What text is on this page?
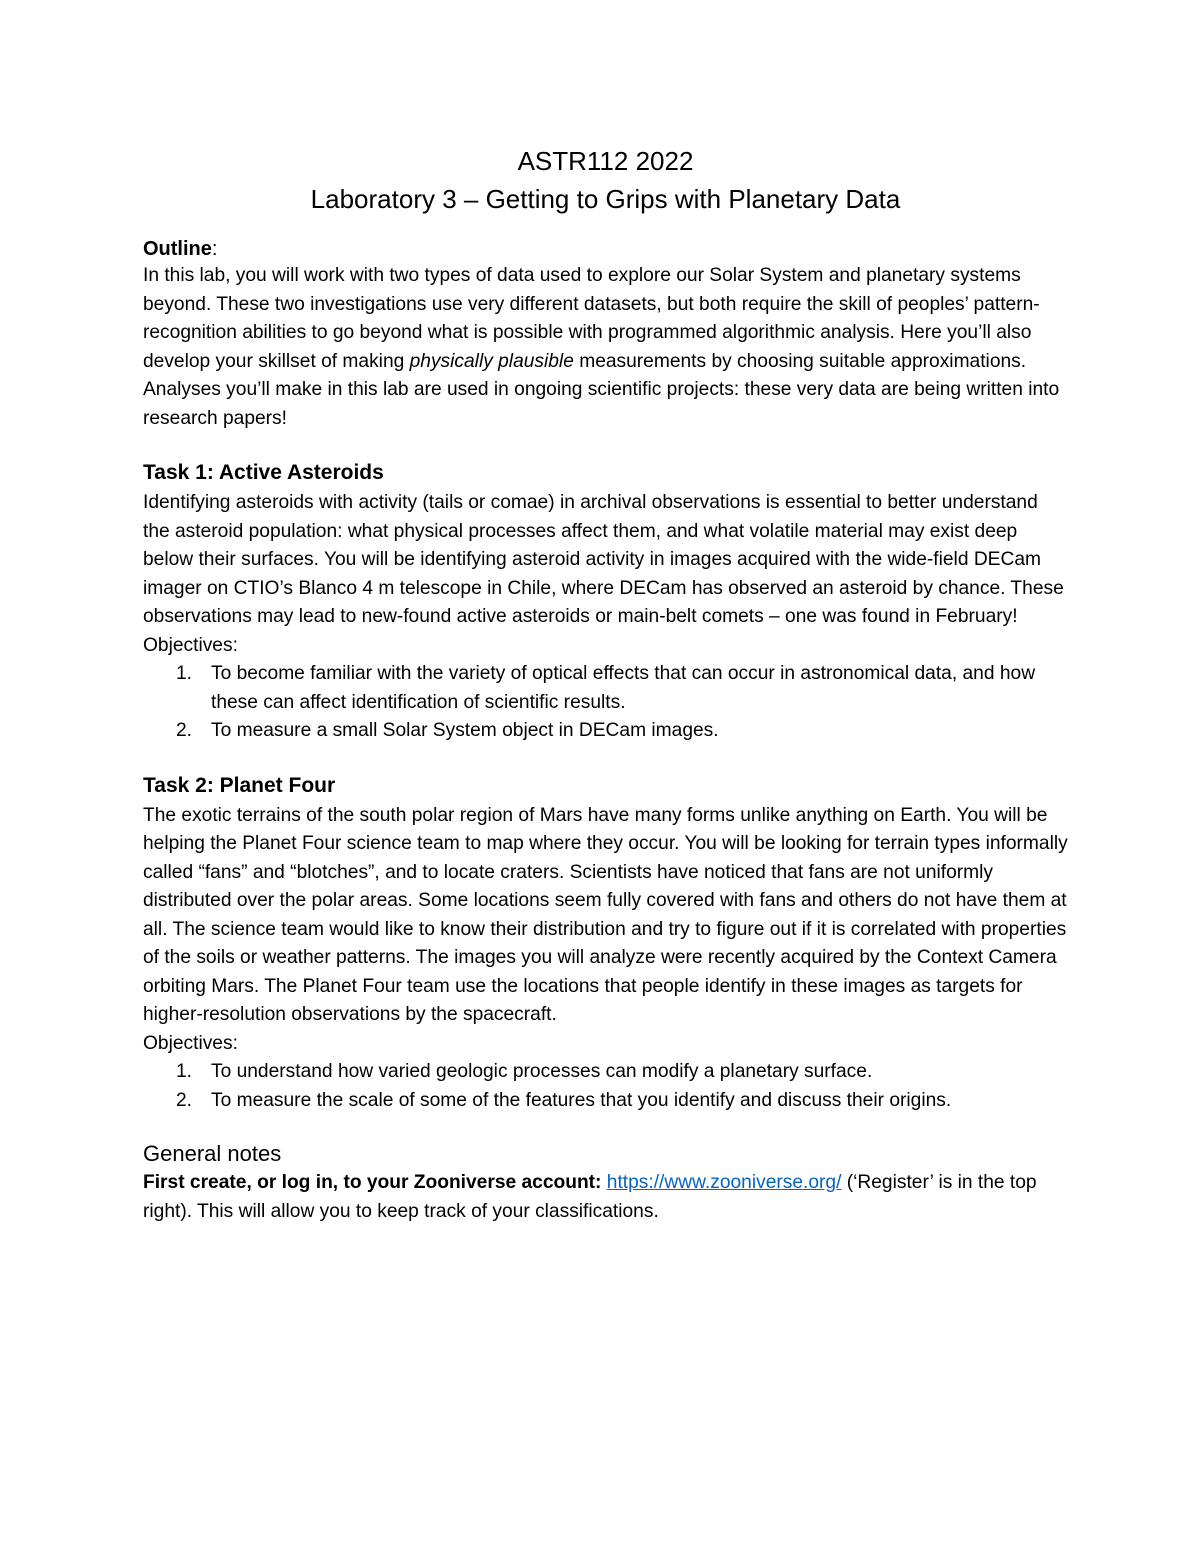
ASTR112 2022
Laboratory 3 – Getting to Grips with Planetary Data

Outline:

In this lab, you will work with two types of data used to explore our Solar System and planetary systems beyond. These two investigations use very different datasets, but both require the skill of peoples’ pattern-recognition abilities to go beyond what is possible with programmed algorithmic analysis. Here you’ll also develop your skillset of making physically plausible measurements by choosing suitable approximations. Analyses you’ll make in this lab are used in ongoing scientific projects: these very data are being written into research papers!

Task 1: Active Asteroids

Identifying asteroids with activity (tails or comae) in archival observations is essential to better understand the asteroid population: what physical processes affect them, and what volatile material may exist deep below their surfaces. You will be identifying asteroid activity in images acquired with the wide-field DECam imager on CTIO’s Blanco 4 m telescope in Chile, where DECam has observed an asteroid by chance. These observations may lead to new-found active asteroids or main-belt comets – one was found in February!

Objectives:

1. To become familiar with the variety of optical effects that can occur in astronomical data, and how these can affect identification of scientific results.
2. To measure a small Solar System object in DECam images.
Task 2: Planet Four

The exotic terrains of the south polar region of Mars have many forms unlike anything on Earth. You will be helping the Planet Four science team to map where they occur. You will be looking for terrain types informally called “fans” and “blotches”, and to locate craters. Scientists have noticed that fans are not uniformly distributed over the polar areas. Some locations seem fully covered with fans and others do not have them at all. The science team would like to know their distribution and try to figure out if it is correlated with properties of the soils or weather patterns. The images you will analyze were recently acquired by the Context Camera orbiting Mars. The Planet Four team use the locations that people identify in these images as targets for higher-resolution observations by the spacecraft.

Objectives:

1. To understand how varied geologic processes can modify a planetary surface.
2. To measure the scale of some of the features that you identify and discuss their origins.
General notes

First create, or log in, to your Zooniverse account: https://www.zooniverse.org/ (‘Register’ is in the top right). This will allow you to keep track of your classifications.
